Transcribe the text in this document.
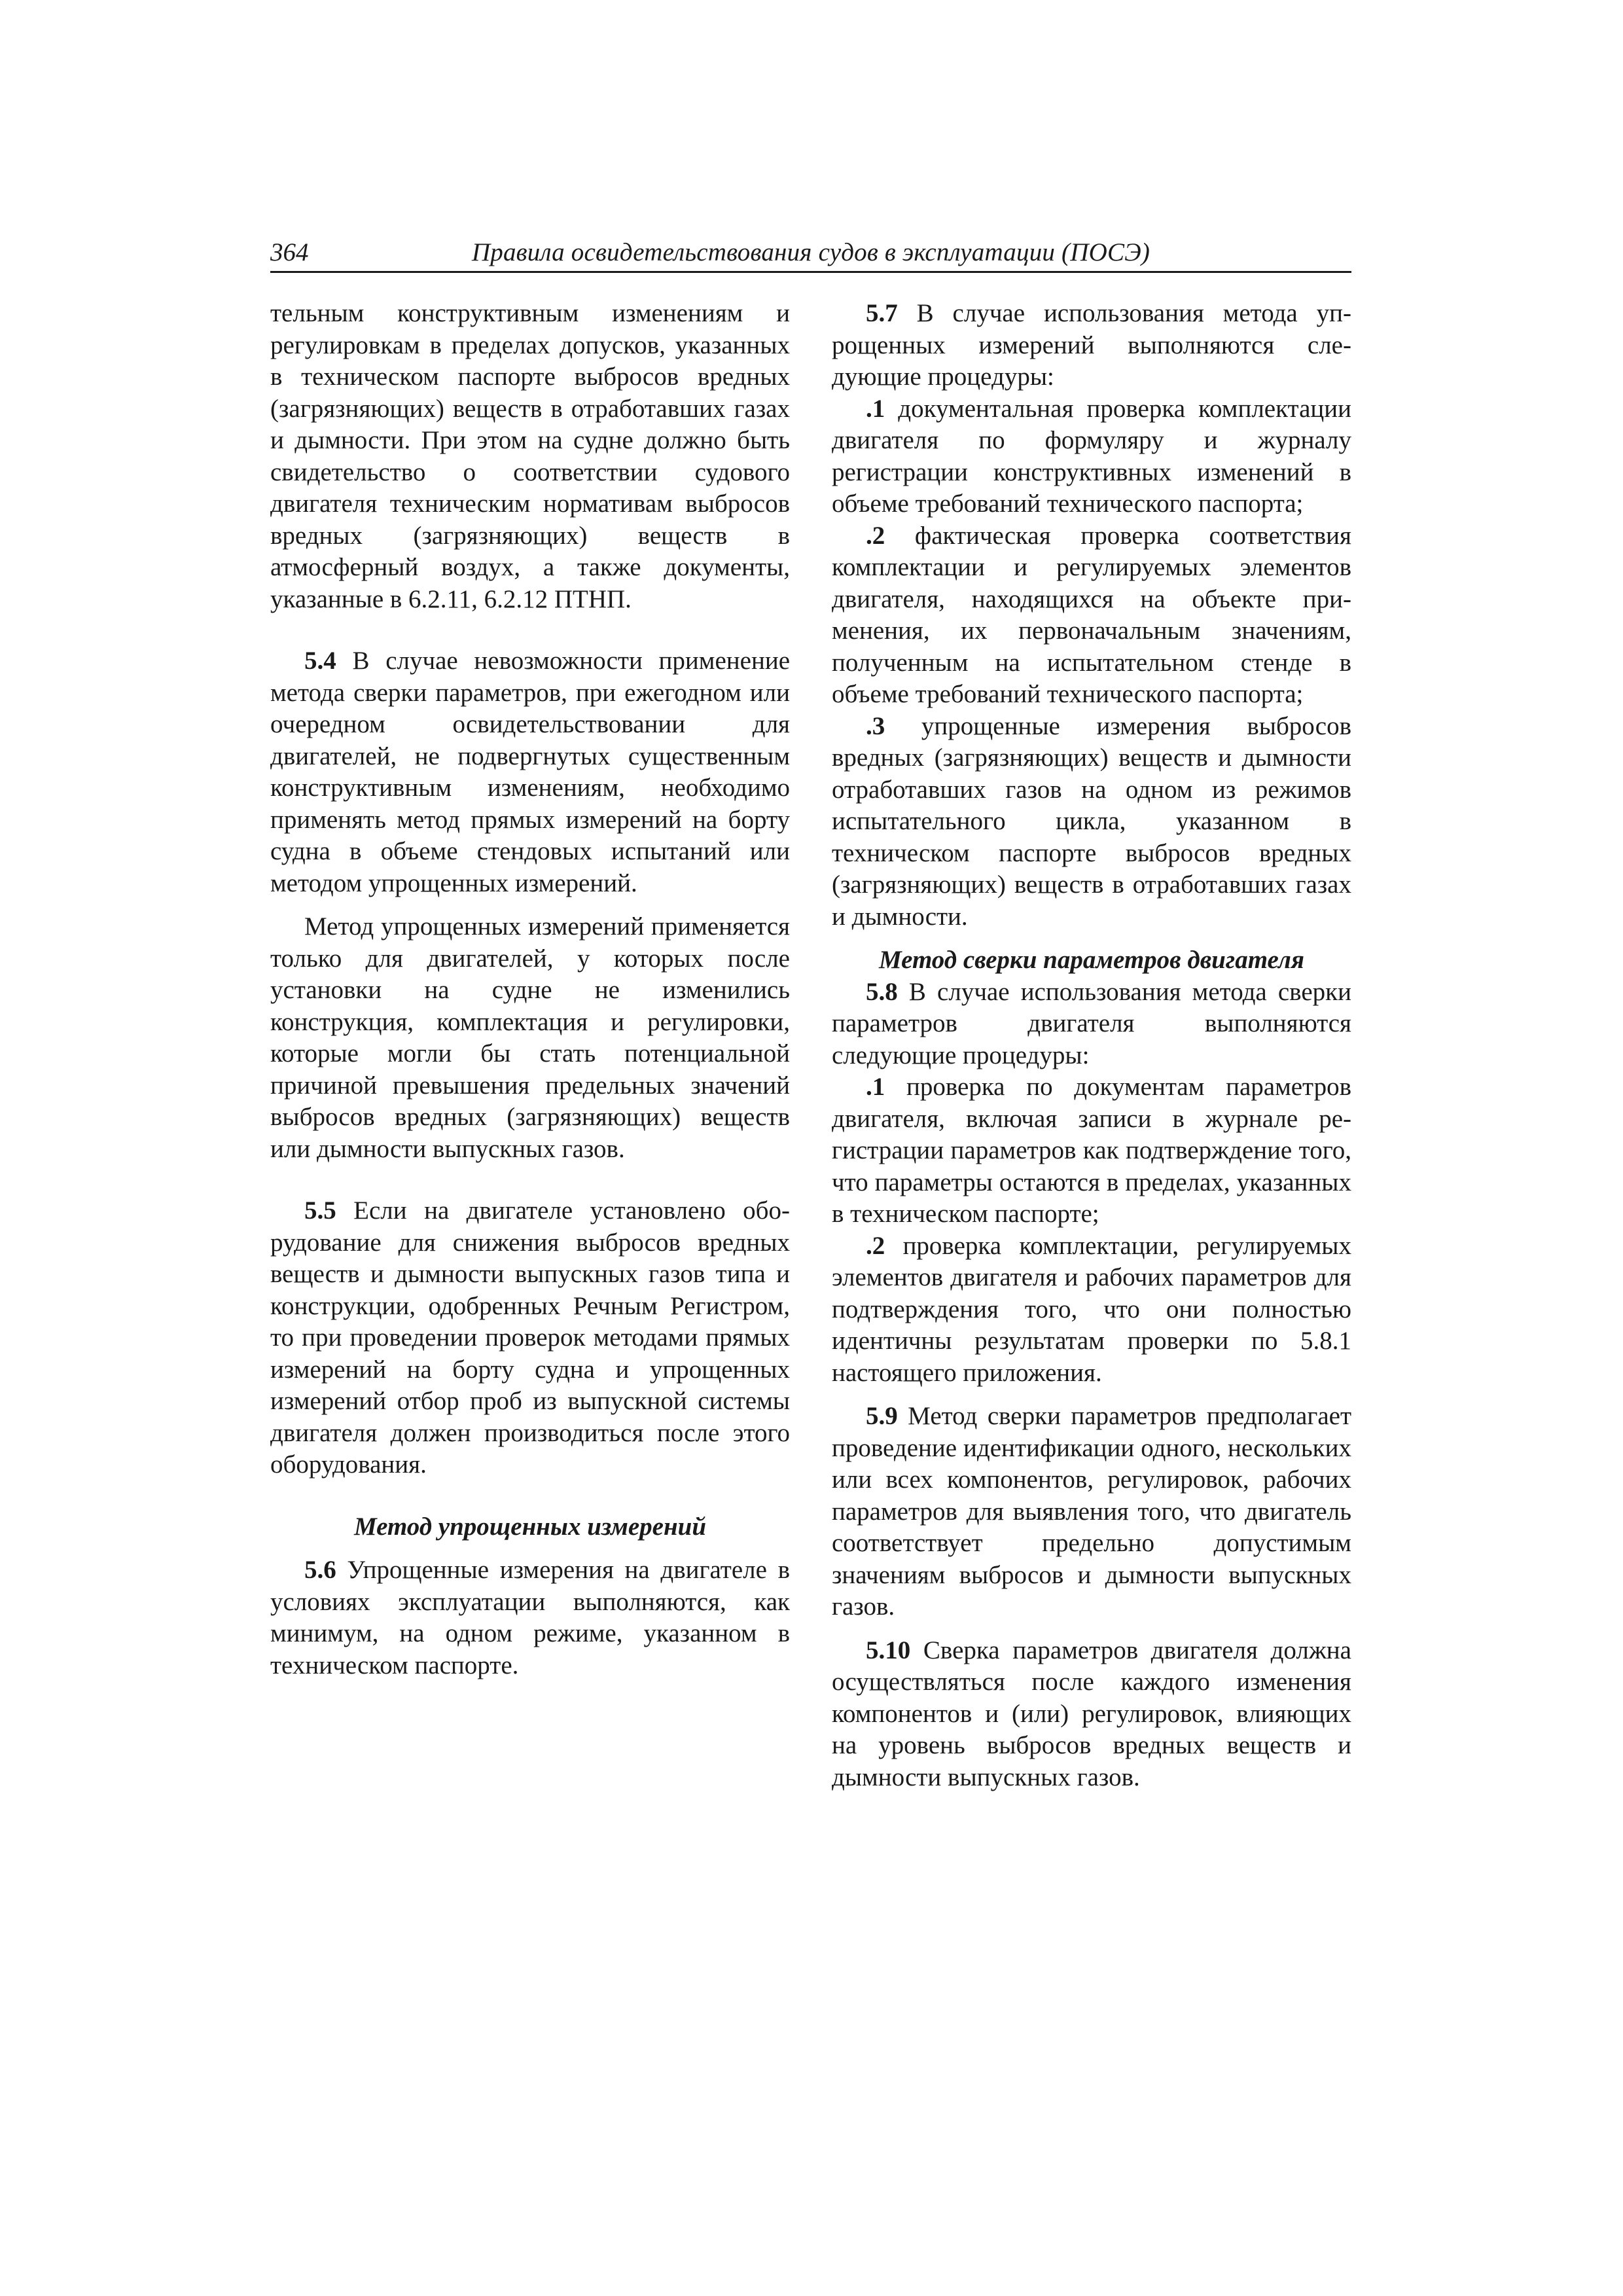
364	Правила освидетельствования судов в эксплуатации (ПОСЭ)

тельным конструктивным изменениям и регулировкам в пределах допусков, указанных в техническом паспорте выбросов вредных (загрязняющих) веществ в отработавших газах и дымности. При этом на судне должно быть свидетельство о соответствии судового двигателя техническим нормативам выбросов вредных (загрязняющих) веществ в атмосферный воздух, а также документы, указанные в 6.2.11, 6.2.12 ПТНП.

5.4 В случае невозможности применение метода сверки параметров, при ежегодном или очередном освидетельствовании для двигателей, не подвергнутых существенным конструктивным изменениям, необходимо применять метод прямых измерений на борту судна в объеме стендовых испытаний или методом упрощенных измерений.

Метод упрощенных измерений применяется только для двигателей, у которых после установки на судне не изменились конструкция, комплектация и регулировки, которые могли бы стать потенциальной причиной превышения предельных значений выбросов вредных (загрязняющих) веществ или дымности выпускных газов.

5.5 Если на двигателе установлено оборудование для снижения выбросов вредных веществ и дымности выпускных газов типа и конструкции, одобренных Речным Регистром, то при проведении проверок методами прямых измерений на борту судна и упрощенных измерений отбор проб из выпускной системы двигателя должен производиться после этого оборудования.

Метод упрощенных измерений

5.6 Упрощенные измерения на двигателе в условиях эксплуатации выполняются, как минимум, на одном режиме, указанном в техническом паспорте.

5.7 В случае использования метода упрощенных измерений выполняются следующие процедуры:

.1 документальная проверка комплектации двигателя по формуляру и журналу регистрации конструктивных изменений в объеме требований технического паспорта;

.2 фактическая проверка соответствия комплектации и регулируемых элементов двигателя, находящихся на объекте применения, их первоначальным значениям, полученным на испытательном стенде в объеме требований технического паспорта;

.3 упрощенные измерения выбросов вредных (загрязняющих) веществ и дымности отработавших газов на одном из режимов испытательного цикла, указанном в техническом паспорте выбросов вредных (загрязняющих) веществ в отработавших газах и дымности.

Метод сверки параметров двигателя

5.8 В случае использования метода сверки параметров двигателя выполняются следующие процедуры:

.1 проверка по документам параметров двигателя, включая записи в журнале регистрации параметров как подтверждение того, что параметры остаются в пределах, указанных в техническом паспорте;

.2 проверка комплектации, регулируемых элементов двигателя и рабочих параметров для подтверждения того, что они полностью идентичны результатам проверки по 5.8.1 настоящего приложения.

5.9 Метод сверки параметров предполагает проведение идентификации одного, нескольких или всех компонентов, регулировок, рабочих параметров для выявления того, что двигатель соответствует предельно допустимым значениям выбросов и дымности выпускных газов.

5.10 Сверка параметров двигателя должна осуществляться после каждого изменения компонентов и (или) регулировок, влияющих на уровень выбросов вредных веществ и дымности выпускных газов.
